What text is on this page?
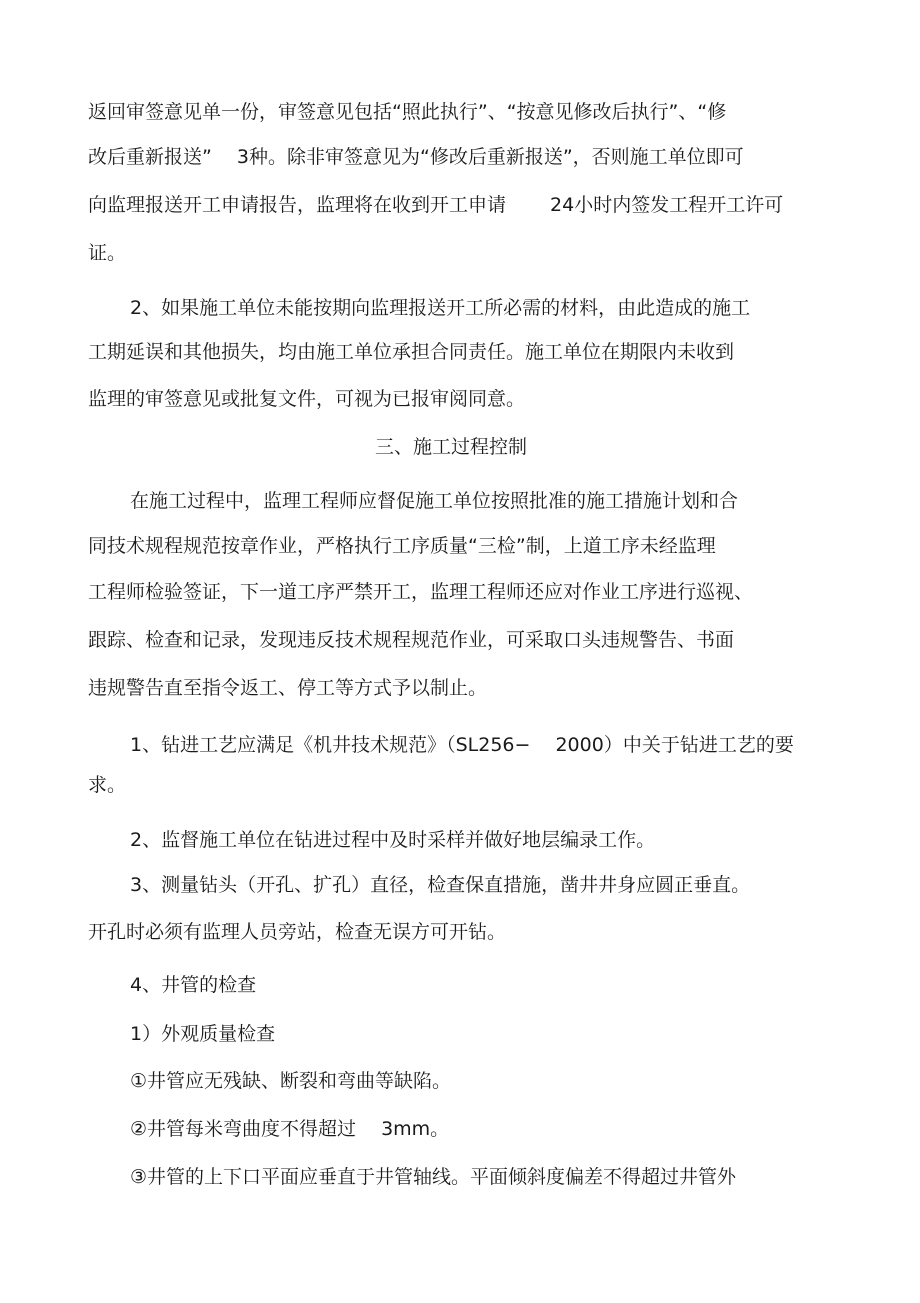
返回审签意见单一份，审签意见包括“照此执行”、“按意见修改后执行”、“修

改后重新报送”　 3种。除非审签意见为“修改后重新报送”，否则施工单位即可

向监理报送开工申请报告，监理将在收到开工申请　　 24小时内签发工程开工许可

证。

2、如果施工单位未能按期向监理报送开工所必需的材料，由此造成的施工

工期延误和其他损失，均由施工单位承担合同责任。施工单位在期限内未收到

监理的审签意见或批复文件，可视为已报审阅同意。

三、施工过程控制

在施工过程中，监理工程师应督促施工单位按照批准的施工措施计划和合

同技术规程规范按章作业，严格执行工序质量“三检”制，上道工序未经监理

工程师检验签证，下一道工序严禁开工，监理工程师还应对作业工序进行巡视、

跟踪、检查和记录，发现违反技术规程规范作业，可采取口头违规警告、书面

违规警告直至指令返工、停工等方式予以制止。

1、钻进工艺应满足《机井技术规范》（SL256−　 2000）中关于钻进工艺的要

求。

2、监督施工单位在钻进过程中及时采样并做好地层编录工作。

3、测量钻头（开孔、扩孔）直径，检查保直措施，凿井井身应圆正垂直。

开孔时必须有监理人员旁站，检查无误方可开钻。

4、井管的检查

1）外观质量检查

①井管应无残缺、断裂和弯曲等缺陷。

②井管每米弯曲度不得超过　 3mm。

③井管的上下口平面应垂直于井管轴线。平面倾斜度偏差不得超过井管外
